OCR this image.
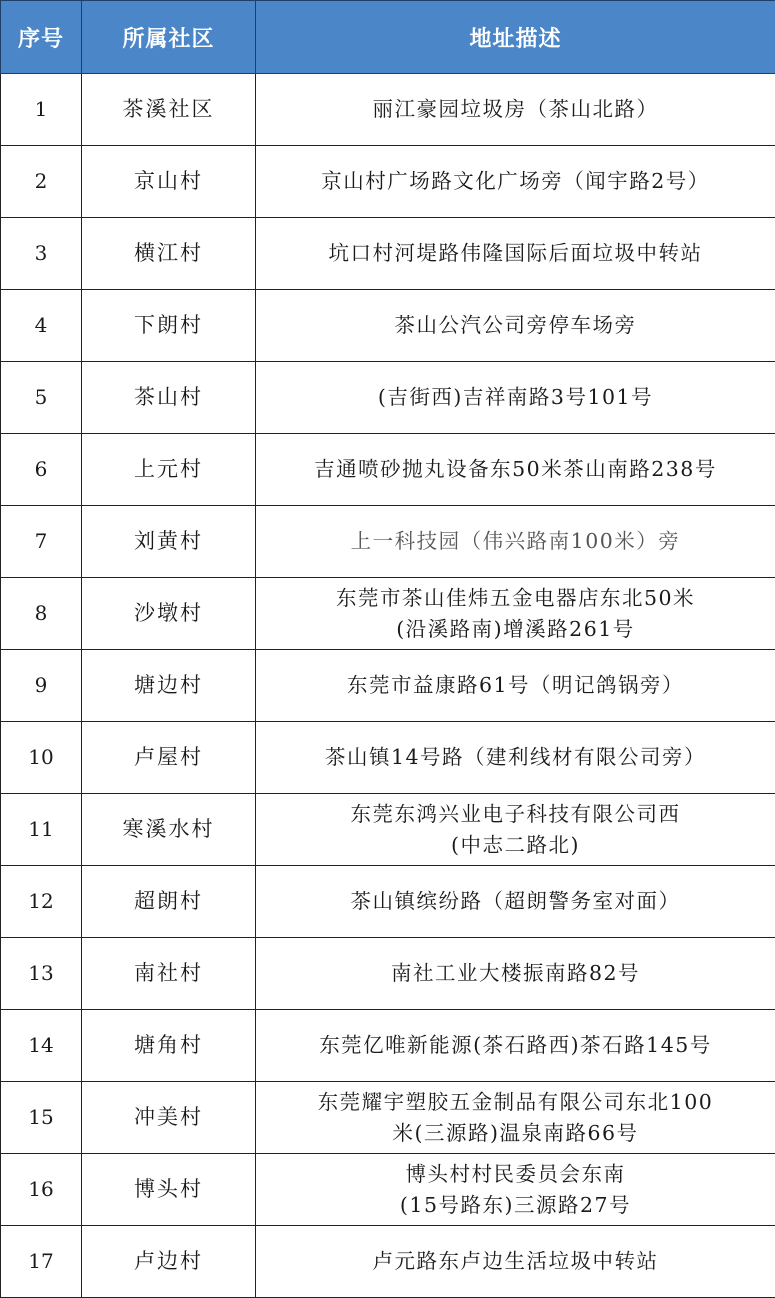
序号	所属社区	地址描述
1	茶溪社区	丽江豪园垃圾房（茶山北路）

2	京山村	京山村广场路文化广场旁（闻宇路2号）

3	横江村	坑口村河堤路伟隆国际后面垃圾中转站

4	下朗村	茶山公汽公司旁停车场旁

5	茶山村	(吉街西)吉祥南路3号101号

6	上元村	吉通喷砂抛丸设备东50米茶山南路238号

7	刘黄村	上一科技园（伟兴路南100米）旁

8	沙墩村	东莞市茶山佳炜五金电器店东北50米
(沿溪路南)增溪路261号

9	塘边村	东莞市益康路61号（明记鸽锅旁）

10	卢屋村	茶山镇14号路（建利线材有限公司旁）

11	寒溪水村	东莞东鸿兴业电子科技有限公司西
(中志二路北)

12	超朗村	茶山镇缤纷路（超朗警务室对面）

13	南社村	南社工业大楼振南路82号

14	塘角村	东莞亿唯新能源(茶石路西)茶石路145号

15	冲美村	东莞耀宇塑胶五金制品有限公司东北100
米(三源路)温泉南路66号

16	博头村	博头村村民委员会东南
(15号路东)三源路27号

17	卢边村	卢元路东卢边生活垃圾中转站
